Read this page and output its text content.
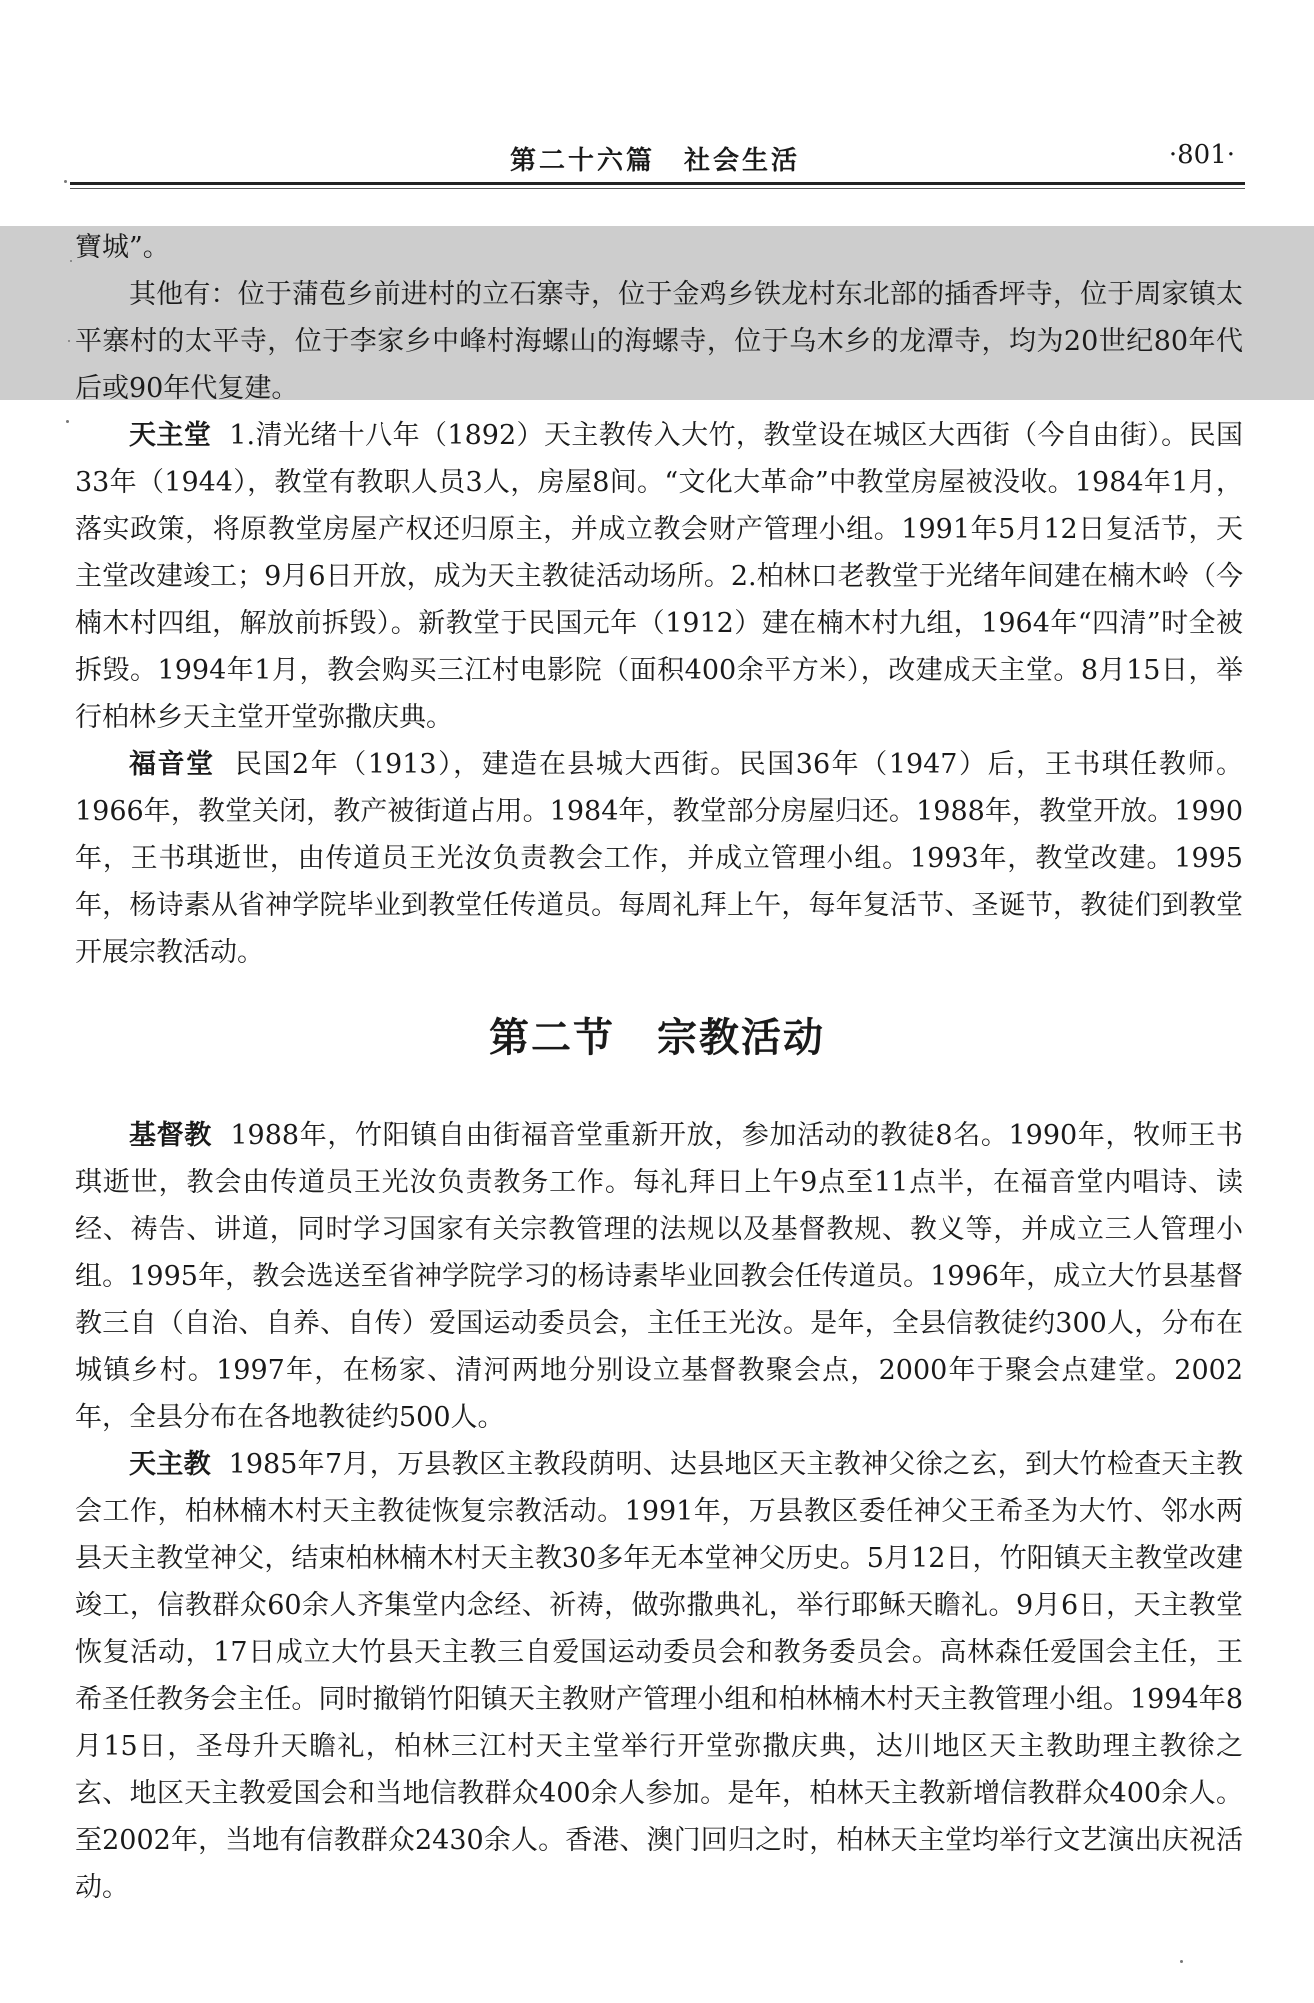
第二十六篇　社会生活	·801·

寶城”。

其他有：位于蒲苞乡前进村的立石寨寺，位于金鸡乡铁龙村东北部的插香坪寺，位于周家镇太平寨村的太平寺，位于李家乡中峰村海螺山的海螺寺，位于乌木乡的龙潭寺，均为20世纪80年代后或90年代复建。

天主堂 1.清光绪十八年（1892）天主教传入大竹，教堂设在城区大西街（今自由街）。民国33年（1944），教堂有教职人员3人，房屋8间。“文化大革命”中教堂房屋被没收。1984年1月，落实政策，将原教堂房屋产权还归原主，并成立教会财产管理小组。1991年5月12日复活节，天主堂改建竣工；9月6日开放，成为天主教徒活动场所。2.柏林口老教堂于光绪年间建在楠木岭（今楠木村四组，解放前拆毁）。新教堂于民国元年（1912）建在楠木村九组，1964年“四清”时全被拆毁。1994年1月，教会购买三江村电影院（面积400余平方米），改建成天主堂。8月15日，举行柏林乡天主堂开堂弥撒庆典。

福音堂 民国2年（1913），建造在县城大西街。民国36年（1947）后，王书琪任教师。1966年，教堂关闭，教产被街道占用。1984年，教堂部分房屋归还。1988年，教堂开放。1990年，王书琪逝世，由传道员王光汝负责教会工作，并成立管理小组。1993年，教堂改建。1995年，杨诗素从省神学院毕业到教堂任传道员。每周礼拜上午，每年复活节、圣诞节，教徒们到教堂开展宗教活动。

第二节　宗教活动

基督教 1988年，竹阳镇自由街福音堂重新开放，参加活动的教徒8名。1990年，牧师王书琪逝世，教会由传道员王光汝负责教务工作。每礼拜日上午9点至11点半，在福音堂内唱诗、读经、祷告、讲道，同时学习国家有关宗教管理的法规以及基督教规、教义等，并成立三人管理小组。1995年，教会选送至省神学院学习的杨诗素毕业回教会任传道员。1996年，成立大竹县基督教三自（自治、自养、自传）爱国运动委员会，主任王光汝。是年，全县信教徒约300人，分布在城镇乡村。1997年，在杨家、清河两地分别设立基督教聚会点，2000年于聚会点建堂。2002年，全县分布在各地教徒约500人。

天主教 1985年7月，万县教区主教段荫明、达县地区天主教神父徐之玄，到大竹检查天主教会工作，柏林楠木村天主教徒恢复宗教活动。1991年，万县教区委任神父王希圣为大竹、邻水两县天主教堂神父，结束柏林楠木村天主教30多年无本堂神父历史。5月12日，竹阳镇天主教堂改建竣工，信教群众60余人齐集堂内念经、祈祷，做弥撒典礼，举行耶稣天瞻礼。9月6日，天主教堂恢复活动，17日成立大竹县天主教三自爱国运动委员会和教务委员会。高林森任爱国会主任，王希圣任教务会主任。同时撤销竹阳镇天主教财产管理小组和柏林楠木村天主教管理小组。1994年8月15日，圣母升天瞻礼，柏林三江村天主堂举行开堂弥撒庆典，达川地区天主教助理主教徐之玄、地区天主教爱国会和当地信教群众400余人参加。是年，柏林天主教新增信教群众400余人。至2002年，当地有信教群众2430余人。香港、澳门回归之时，柏林天主堂均举行文艺演出庆祝活动。
